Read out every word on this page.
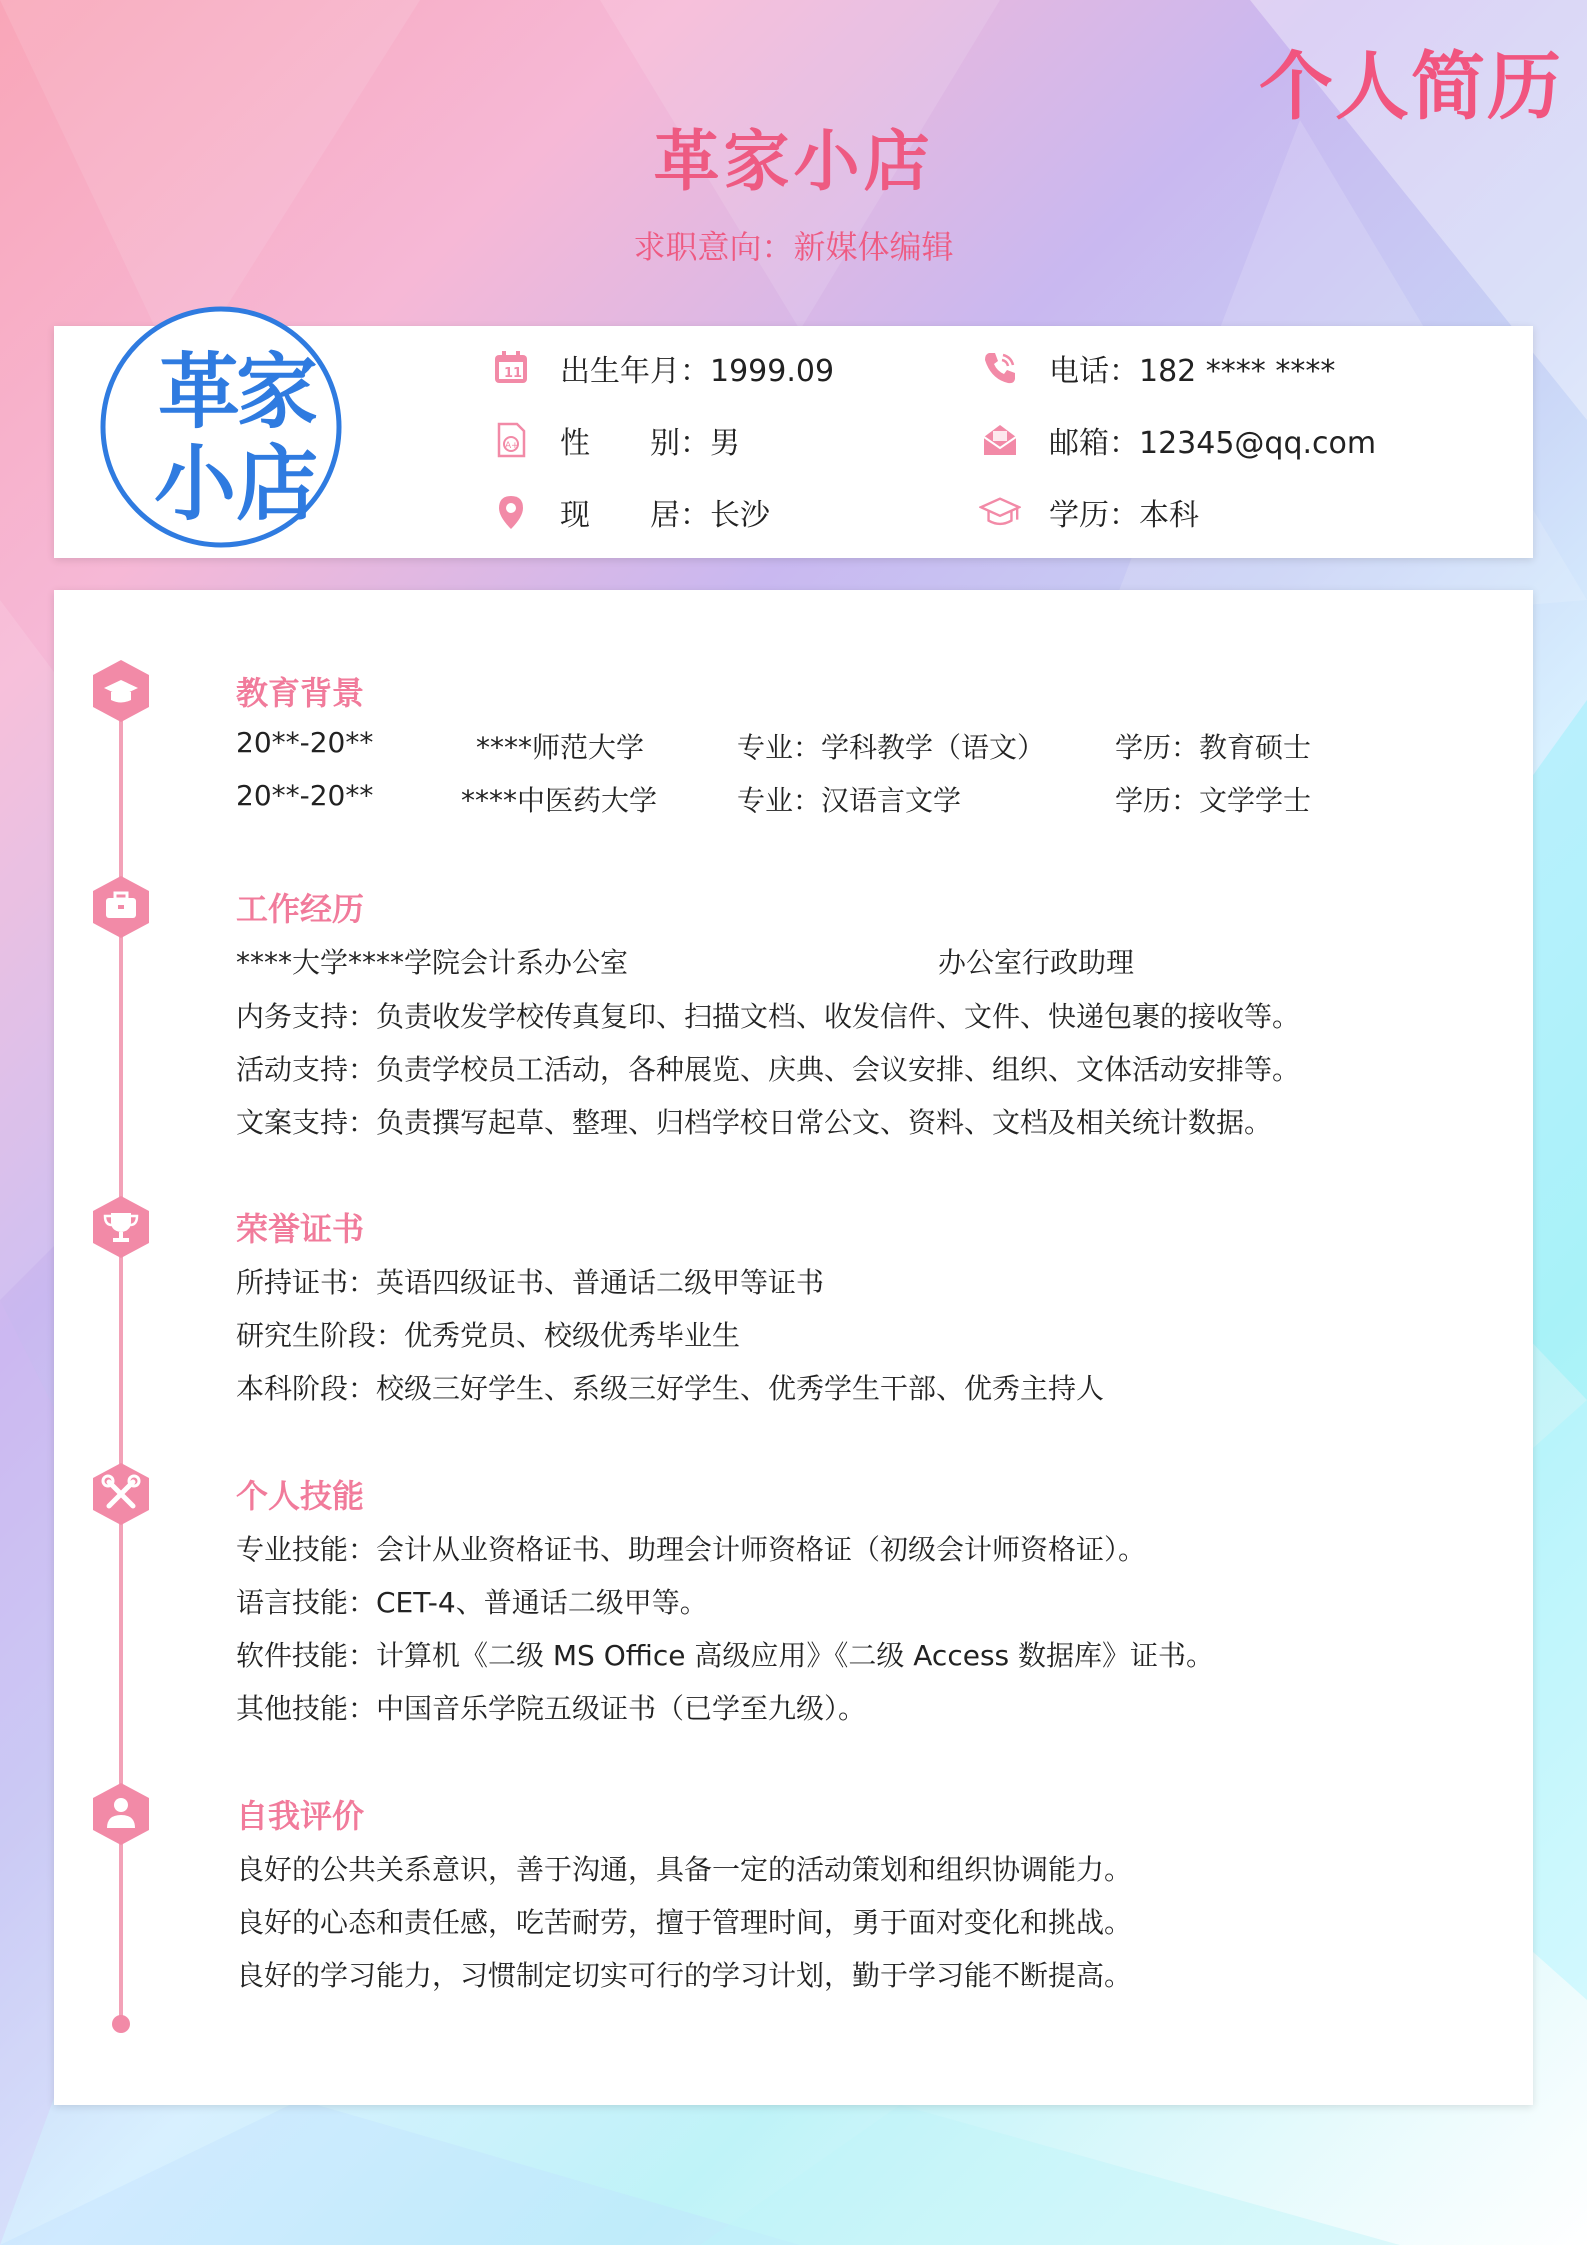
个人简历
革家小店
求职意向：新媒体编辑
革
家
小 店
11 出生年月：1999.09	电话：182 **** ****
A+ 性　　别：男	邮箱：12345@qq.com
现　　居：长沙	学历：本科
教育背景
20**-20**	****师范大学	专业：学科教学（语文） 学历：教育硕士
20**-20**	****中医药大学	专业：汉语言文学	学历：文学学士
工作经历
****大学****学院会计系办公室	办公室行政助理
内务支持：负责收发学校传真复印、扫描文档、收发信件、文件、快递包裹的接收等。
活动支持：负责学校员工活动，各种展览、庆典、会议安排、组织、文体活动安排等。
文案支持：负责撰写起草、整理、归档学校日常公文、资料、文档及相关统计数据。
荣誉证书
所持证书：英语四级证书、普通话二级甲等证书
研究生阶段：优秀党员、校级优秀毕业生
本科阶段：校级三好学生、系级三好学生、优秀学生干部、优秀主持人
个人技能
专业技能：会计从业资格证书、助理会计师资格证（初级会计师资格证）。
语言技能：CET-4、普通话二级甲等。
软件技能：计算机《二级 MS Office 高级应用》《二级 Access 数据库》证书。
其他技能：中国音乐学院五级证书（已学至九级）。
自我评价
良好的公共关系意识，善于沟通，具备一定的活动策划和组织协调能力。
良好的心态和责任感，吃苦耐劳，擅于管理时间，勇于面对变化和挑战。
良好的学习能力，习惯制定切实可行的学习计划，勤于学习能不断提高。
